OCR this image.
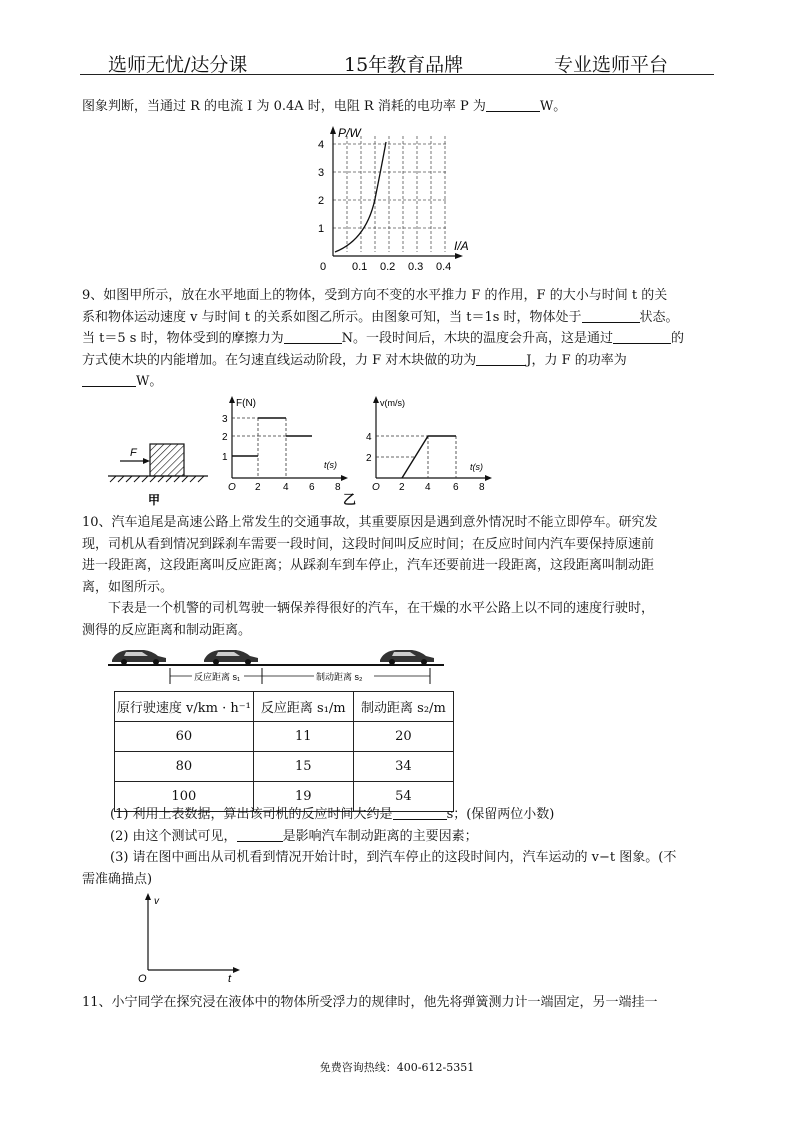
选师无忧/达分课	15年教育品牌	专业选师平台
图象判断，当通过 R 的电流 I 为 0.4A 时，电阻 R 消耗的电功率 P 为	W。
P/W
I/A
4
3
2
1
0 0.1 0.2 0.3 0.4
9、如图甲所示，放在水平地面上的物体，受到方向不变的水平推力 F 的作用，F 的大小与时间 t 的关
系和物体运动速度 v 与时间 t 的关系如图乙所示。由图象可知，当 t＝1s 时，物体处于	状态。
当 t＝5 s 时，物体受到的摩擦力为	N。一段时间后，木块的温度会升高，这是通过	的
方式使木块的内能增加。在匀速直线运动阶段，力 F 对木块做的功为	J，力 F 的功率为
W。
F
甲
F(N)
t(s)
3
2
1
O 2 4 6 8
乙
v(m/s)
t(s)
4
2
O 2 4 6 8
10、汽车追尾是高速公路上常发生的交通事故，其重要原因是遇到意外情况时不能立即停车。研究发
现，司机从看到情况到踩刹车需要一段时间，这段时间叫反应时间；在反应时间内汽车要保持原速前
进一段距离，这段距离叫反应距离；从踩刹车到车停止，汽车还要前进一段距离，这段距离叫制动距
离，如图所示。
下表是一个机警的司机驾驶一辆保养得很好的汽车，在干燥的水平公路上以不同的速度行驶时，
测得的反应距离和制动距离。
反应距离 s₁	制动距离 s₂
原行驶速度 v/km · h⁻¹	反应距离 s₁/m	制动距离 s₂/m
60	11	20
80	15	34
100	19	54
(1) 利用上表数据，算出该司机的反应时间大约是	s；(保留两位小数)
(2) 由这个测试可见，	是影响汽车制动距离的主要因素；
(3) 请在图中画出从司机看到情况开始计时，到汽车停止的这段时间内，汽车运动的 v−t 图象。(不
需准确描点)
v
t
O
11、小宁同学在探究浸在液体中的物体所受浮力的规律时，他先将弹簧测力计一端固定，另一端挂一
免费咨询热线：400-612-5351
